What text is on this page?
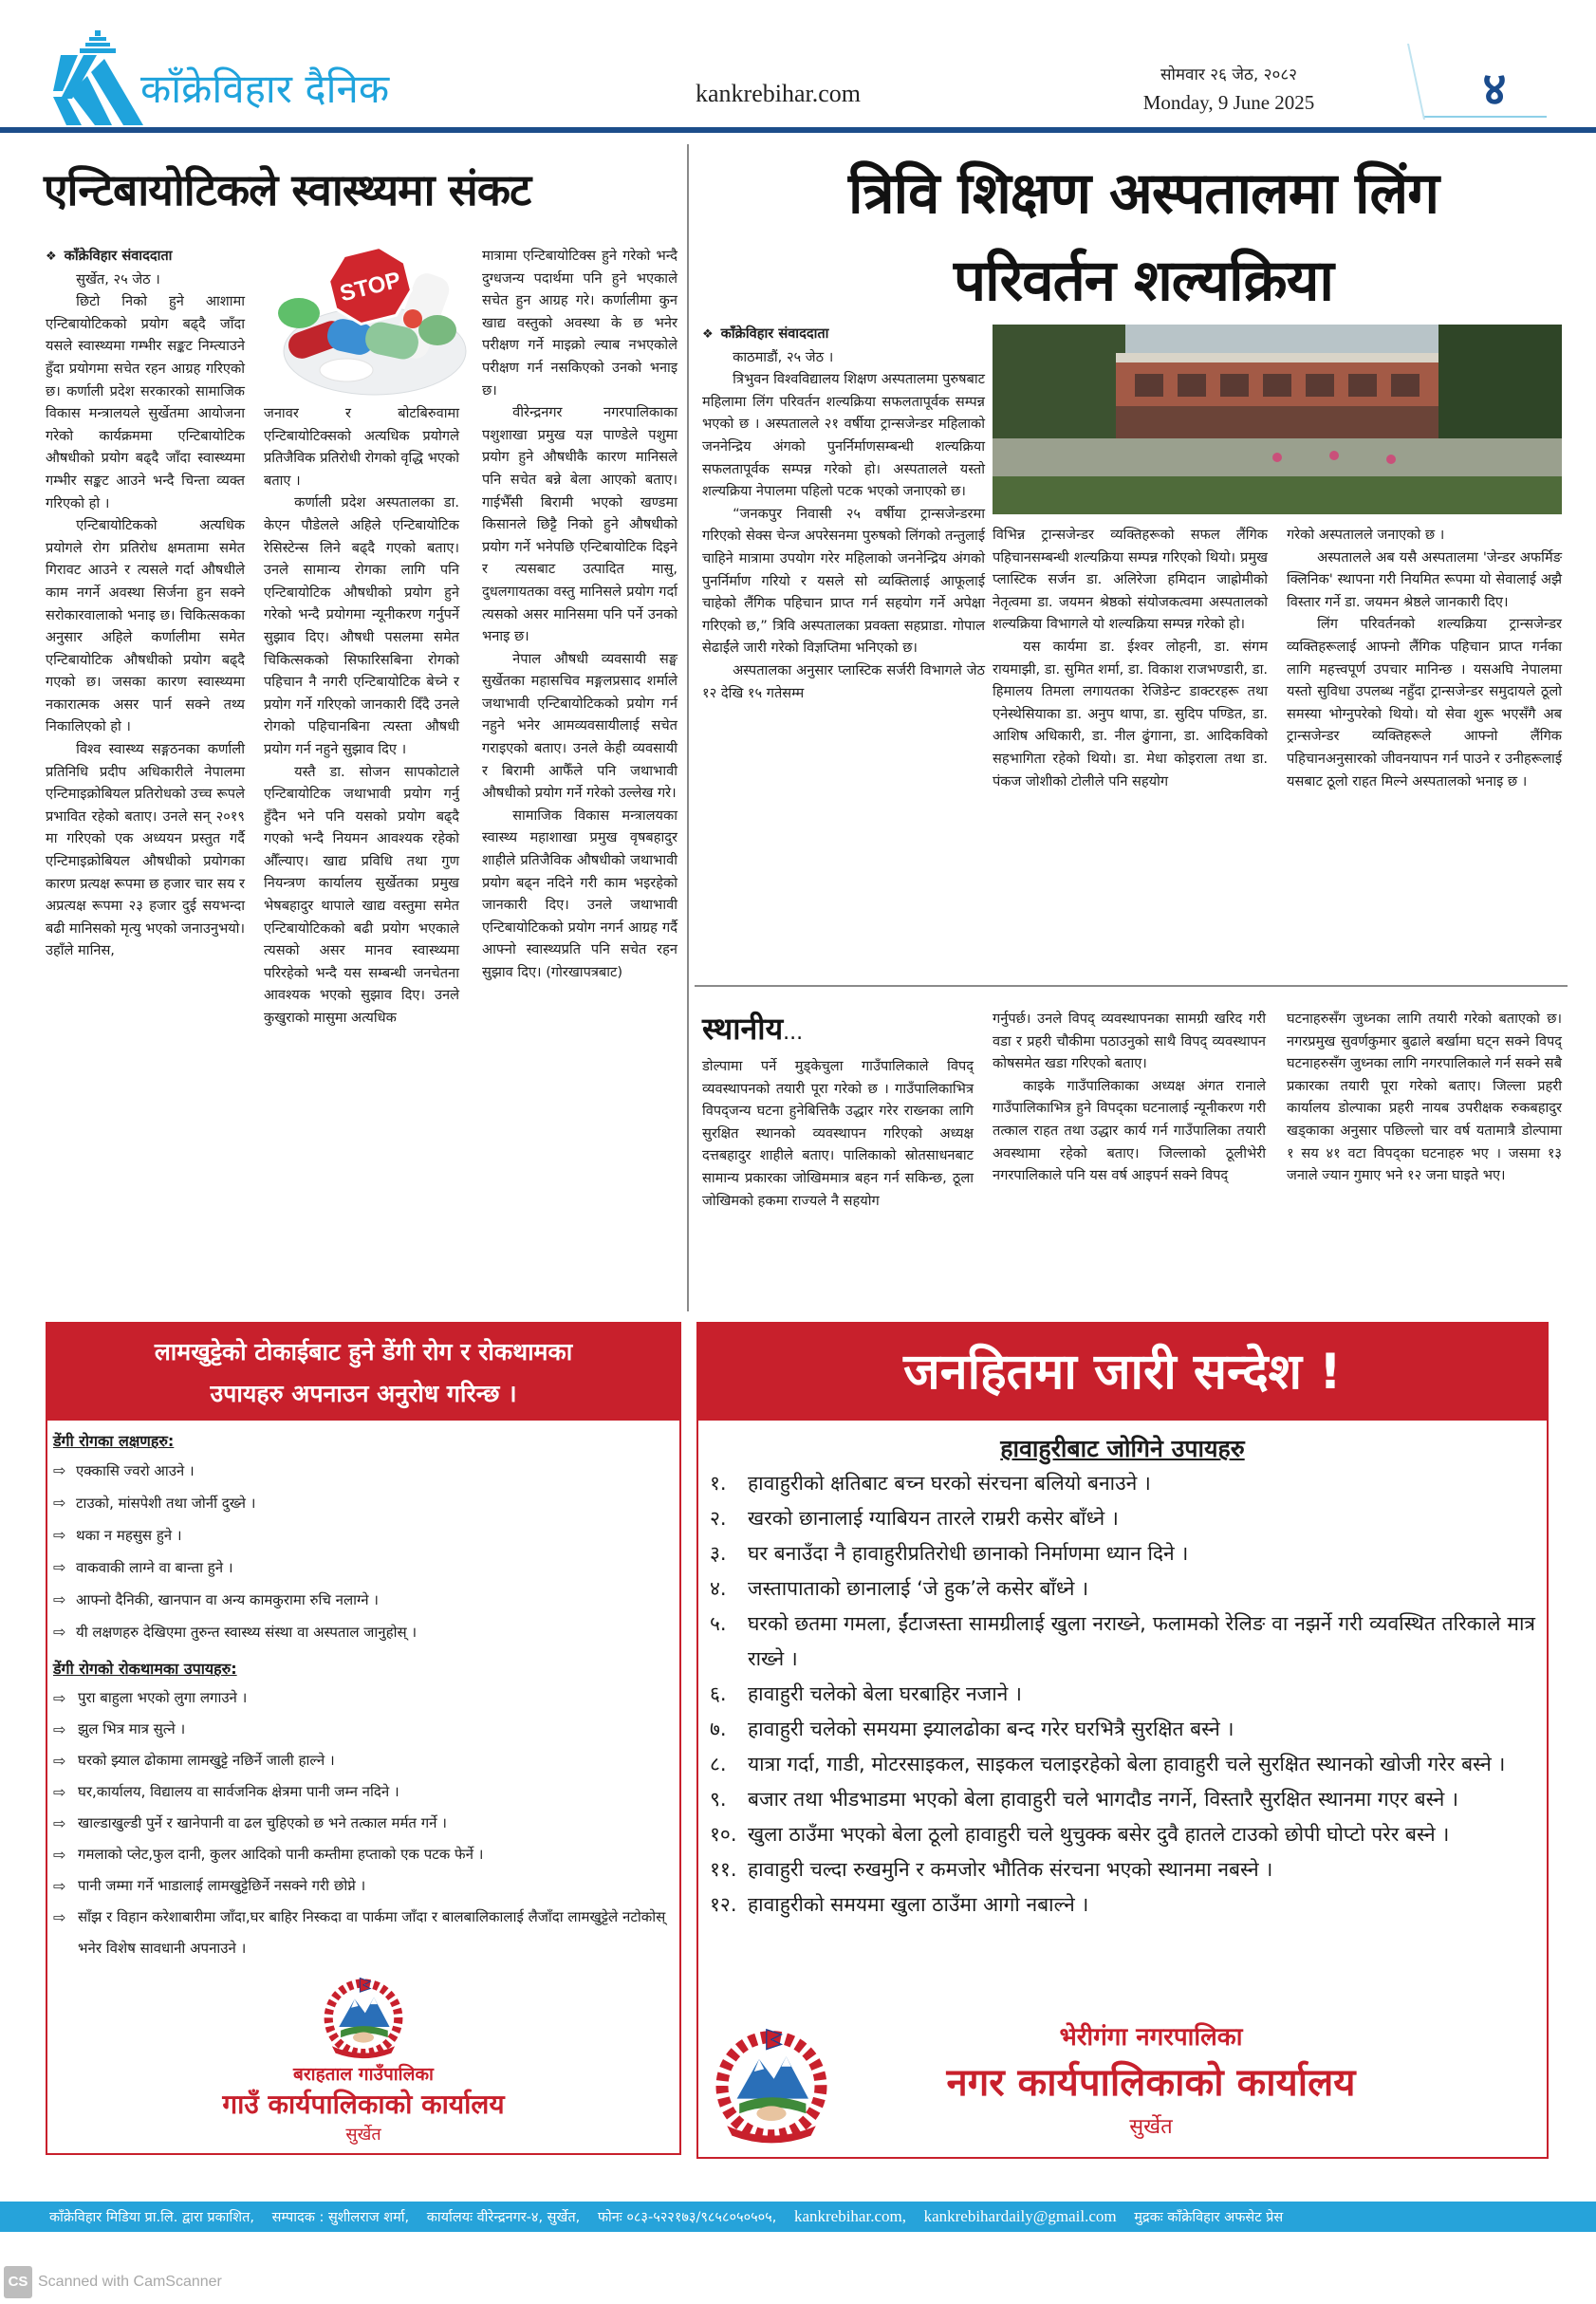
काँक्रेविहार दैनिक	kankrebihar.com
सोमवार २६ जेठ, २०८२
Monday, 9 June 2025	४
एन्टिबायोटिकले स्वास्थ्यमा संकट

❖ काँक्रेविहार संवाददाता

सुर्खेत, २५ जेठ ।

छिटो निको हुने आशामा एन्टिबायोटिकको प्रयोग बढ्दै जाँदा यसले स्वास्थ्यमा गम्भीर सङ्कट निम्त्याउने हुँदा प्रयोगमा सचेत रहन आग्रह गरिएको छ। कर्णाली प्रदेश सरकारको सामाजिक विकास मन्त्रालयले सुर्खेतमा आयोजना गरेको कार्यक्रममा एन्टिबायोटिक औषधीको प्रयोग बढ्दै जाँदा स्वास्थ्यमा गम्भीर सङ्कट आउने भन्दै चिन्ता व्यक्त गरिएको हो ।

एन्टिबायोटिकको अत्यधिक प्रयोगले रोग प्रतिरोध क्षमतामा समेत गिरावट आउने र त्यसले गर्दा औषधीले काम नगर्ने अवस्था सिर्जना हुन सक्ने सरोकारवालाको भनाइ छ। चिकित्सकका अनुसार अहिले कर्णालीमा समेत एन्टिबायोटिक औषधीको प्रयोग बढ्दै गएको छ। जसका कारण स्वास्थ्यमा नकारात्मक असर पार्न सक्ने तथ्य निकालिएको हो ।

विश्व स्वास्थ्य सङ्गठनका कर्णाली प्रतिनिधि प्रदीप अधिकारीले नेपालमा एन्टिमाइक्रोबियल प्रतिरोधको उच्च रूपले प्रभावित रहेको बताए। उनले सन् २०१९ मा गरिएको एक अध्ययन प्रस्तुत गर्दै एन्टिमाइक्रोबियल औषधीको प्रयोगका कारण प्रत्यक्ष रूपमा छ हजार चार सय र अप्रत्यक्ष रूपमा २३ हजार दुई सयभन्दा बढी मानिसको मृत्यु भएको जनाउनुभयो। उहाँले मानिस,

STOP

जनावर र बोटबिरुवामा एन्टिबायोटिक्सको अत्यधिक प्रयोगले प्रतिजैविक प्रतिरोधी रोगको वृद्धि भएको बताए ।

कर्णाली प्रदेश अस्पतालका डा. केएन पौडेलले अहिले एन्टिबायोटिक रेसिस्टेन्स लिने बढ्दै गएको बताए। उनले सामान्य रोगका लागि पनि एन्टिबायोटिक औषधीको प्रयोग हुने गरेको भन्दै प्रयोगमा न्यूनीकरण गर्नुपर्ने सुझाव दिए। औषधी पसलमा समेत चिकित्सकको सिफारिसबिना रोगको पहिचान नै नगरी एन्टिबायोटिक बेच्ने र प्रयोग गर्ने गरिएको जानकारी दिँदै उनले रोगको पहिचानबिना त्यस्ता औषधी प्रयोग गर्न नहुने सुझाव दिए ।

यस्तै डा. सोजन सापकोटाले एन्टिबायोटिक जथाभावी प्रयोग गर्नु हुँदैन भने पनि यसको प्रयोग बढ्दै गएको भन्दै नियमन आवश्यक रहेको औँल्याए। खाद्य प्रविधि तथा गुण नियन्त्रण कार्यालय सुर्खेतका प्रमुख भेषबहादुर थापाले खाद्य वस्तुमा समेत एन्टिबायोटिकको बढी प्रयोग भएकाले त्यसको असर मानव स्वास्थ्यमा परिरहेको भन्दै यस सम्बन्धी जनचेतना आवश्यक भएको सुझाव दिए। उनले कुखुराको मासुमा अत्यधिक

मात्रामा एन्टिबायोटिक्स हुने गरेको भन्दै दुग्धजन्य पदार्थमा पनि हुने भएकाले सचेत हुन आग्रह गरे। कर्णालीमा कुन खाद्य वस्तुको अवस्था के छ भनेर परीक्षण गर्ने माइक्रो ल्याब नभएकोले परीक्षण गर्न नसकिएको उनको भनाइ छ।

वीरेन्द्रनगर नगरपालिकाका पशुशाखा प्रमुख यज्ञ पाण्डेले पशुमा प्रयोग हुने औषधीकै कारण मानिसले पनि सचेत बन्ने बेला आएको बताए। गाईभैँसी बिरामी भएको खण्डमा किसानले छिट्टै निको हुने औषधीको प्रयोग गर्ने भनेपछि एन्टिबायोटिक दिइने र त्यसबाट उत्पादित मासु, दुधलगायतका वस्तु मानिसले प्रयोग गर्दा त्यसको असर मानिसमा पनि पर्ने उनको भनाइ छ।

नेपाल औषधी व्यवसायी सङ्घ सुर्खेतका महासचिव मङ्गलप्रसाद शर्माले जथाभावी एन्टिबायोटिकको प्रयोग गर्न नहुने भनेर आमव्यवसायीलाई सचेत गराइएको बताए। उनले केही व्यवसायी र बिरामी आफैँले पनि जथाभावी औषधीको प्रयोग गर्ने गरेको उल्लेख गरे।

सामाजिक विकास मन्त्रालयका स्वास्थ्य महाशाखा प्रमुख वृषबहादुर शाहीले प्रतिजैविक औषधीको जथाभावी प्रयोग बढ्न नदिने गरी काम भइरहेको जानकारी दिए। उनले जथाभावी एन्टिबायोटिकको प्रयोग नगर्न आग्रह गर्दै आफ्नो स्वास्थ्यप्रति पनि सचेत रहन सुझाव दिए। (गोरखापत्रबाट)

त्रिवि शिक्षण अस्पतालमा लिंग
परिवर्तन शल्यक्रिया

❖ काँक्रेविहार संवाददाता

काठमाडौं, २५ जेठ ।

त्रिभुवन विश्वविद्यालय शिक्षण अस्पतालमा पुरुषबाट महिलामा लिंग परिवर्तन शल्यक्रिया सफलतापूर्वक सम्पन्न भएको छ । अस्पतालले २१ वर्षीया ट्रान्सजेन्डर महिलाको जननेन्द्रिय अंगको पुनर्निर्माणसम्बन्धी शल्यक्रिया सफलतापूर्वक सम्पन्न गरेको हो। अस्पतालले यस्तो शल्यक्रिया नेपालमा पहिलो पटक भएको जनाएको छ।

“जनकपुर निवासी २५ वर्षीया ट्रान्सजेन्डरमा गरिएको सेक्स चेन्ज अपरेसनमा पुरुषको लिंगको तन्तुलाई चाहिने मात्रामा उपयोग गरेर महिलाको जननेन्द्रिय अंगको पुनर्निर्माण गरियो र यसले सो व्यक्तिलाई आफूलाई चाहेको लैंगिक पहिचान प्राप्त गर्न सहयोग गर्ने अपेक्षा गरिएको छ,” त्रिवि अस्पतालका प्रवक्ता सहप्राडा. गोपाल सेढाईंले जारी गरेको विज्ञप्तिमा भनिएको छ।

अस्पतालका अनुसार प्लास्टिक सर्जरी विभागले जेठ १२ देखि १५ गतेसम्म

विभिन्न ट्रान्सजेन्डर व्यक्तिहरूको सफल लैंगिक पहिचानसम्बन्धी शल्यक्रिया सम्पन्न गरिएको थियो। प्रमुख प्लास्टिक सर्जन डा. अलिरेजा हमिदान जाह्रोमीको नेतृत्वमा डा. जयमन श्रेष्ठको संयोजकत्वमा अस्पतालको शल्यक्रिया विभागले यो शल्यक्रिया सम्पन्न गरेको हो।

यस कार्यमा डा. ईश्वर लोहनी, डा. संगम रायमाझी, डा. सुमित शर्मा, डा. विकाश राजभण्डारी, डा. हिमालय तिमला लगायतका रेजिडेन्ट डाक्टरहरू तथा एनेस्थेसियाका डा. अनुप थापा, डा. सुदिप पण्डित, डा. आशिष अधिकारी, डा. नील ढुंगाना, डा. आदिकविको सहभागिता रहेको थियो। डा. मेधा कोइराला तथा डा. पंकज जोशीको टोलीले पनि सहयोग

गरेको अस्पतालले जनाएको छ ।

अस्पतालले अब यसै अस्पतालमा 'जेन्डर अफर्मिङ क्लिनिक' स्थापना गरी नियमित रूपमा यो सेवालाई अझै विस्तार गर्ने डा. जयमन श्रेष्ठले जानकारी दिए।

लिंग परिवर्तनको शल्यक्रिया ट्रान्सजेन्डर व्यक्तिहरूलाई आफ्नो लैंगिक पहिचान प्राप्त गर्नका लागि महत्त्वपूर्ण उपचार मानिन्छ । यसअघि नेपालमा यस्तो सुविधा उपलब्ध नहुँदा ट्रान्सजेन्डर समुदायले ठूलो समस्या भोग्नुपरेको थियो। यो सेवा शुरू भएसँगै अब ट्रान्सजेन्डर व्यक्तिहरूले आफ्नो लैंगिक पहिचानअनुसारको जीवनयापन गर्न पाउने र उनीहरूलाई यसबाट ठूलो राहत मिल्ने अस्पतालको भनाइ छ ।

स्थानीय...

डोल्पामा पर्ने मुड्केचुला गाउँपालिकाले विपद् व्यवस्थापनको तयारी पूरा गरेको छ । गाउँपालिकाभित्र विपद्जन्य घटना हुनेबित्तिकै उद्धार गरेर राख्नका लागि सुरक्षित स्थानको व्यवस्थापन गरिएको अध्यक्ष दत्तबहादुर शाहीले बताए। पालिकाको स्रोतसाधनबाट सामान्य प्रकारका जोखिममात्र बहन गर्न सकिन्छ, ठूला जोखिमको हकमा राज्यले नै सहयोग

गर्नुपर्छ। उनले विपद् व्यवस्थापनका सामग्री खरिद गरी वडा र प्रहरी चौकीमा पठाउनुको साथै विपद् व्यवस्थापन कोषसमेत खडा गरिएको बताए।

काइके गाउँपालिकाका अध्यक्ष अंगत रानाले गाउँपालिकाभित्र हुने विपद्का घटनालाई न्यूनीकरण गरी तत्काल राहत तथा उद्धार कार्य गर्न गाउँपालिका तयारी अवस्थामा रहेको बताए। जिल्लाको ठूलीभेरी नगरपालिकाले पनि यस वर्ष आइपर्न सक्ने विपद्

घटनाहरुसँग जुध्नका लागि तयारी गरेको बताएको छ। नगरप्रमुख सुवर्णकुमार बुढाले बर्खामा घट्न सक्ने विपद् घटनाहरुसँग जुध्नका लागि नगरपालिकाले गर्न सक्ने सबै प्रकारका तयारी पूरा गरेको बताए। जिल्ला प्रहरी कार्यालय डोल्पाका प्रहरी नायब उपरीक्षक रुकबहादुर खड्काका अनुसार पछिल्लो चार वर्ष यतामात्रै डोल्पामा १ सय ४१ वटा विपद्का घटनाहरु भए । जसमा १३ जनाले ज्यान गुमाए भने १२ जना घाइते भए।

लामखुट्टेको टोकाईबाट हुने डेंगी रोग र रोकथामका
उपायहरु अपनाउन अनुरोध गरिन्छ ।
डेंगी रोगका लक्षणहरु:
⇨ एक्कासि ज्वरो आउने ।
⇨ टाउको, मांसपेशी तथा जोर्नी दुख्ने ।
⇨ थका न महसुस हुने ।
⇨ वाकवाकी लाग्ने वा बान्ता हुने ।
⇨ आफ्नो दैनिकी, खानपान वा अन्य कामकुरामा रुचि नलाग्ने ।
⇨ यी लक्षणहरु देखिएमा तुरुन्त स्वास्थ्य संस्था वा अस्पताल जानुहोस् ।
डेंगी रोगको रोकथामका उपायहरु:
⇨ पुरा बाहुला भएको लुगा लगाउने ।
⇨ झुल भित्र मात्र सुत्ने ।
⇨ घरको झ्याल ढोकामा लामखुट्टे नछिर्ने जाली हाल्ने ।
⇨ घर,कार्यालय, विद्यालय वा सार्वजनिक क्षेत्रमा पानी जम्न नदिने ।
⇨ खाल्डाखुल्डी पुर्ने र खानेपानी वा ढल चुहिएको छ भने तत्काल मर्मत गर्ने ।
⇨ गमलाको प्लेट,फुल दानी, कुलर आदिको पानी कम्तीमा हप्ताको एक पटक फेर्ने ।
⇨ पानी जम्मा गर्ने भाडालाई लामखुट्टेछिर्ने नसक्ने गरी छोप्ने ।
⇨ साँझ र विहान करेशाबारीमा जाँदा,घर बाहिर निस्कदा वा पार्कमा जाँदा र बालबालिकालाई लैजाँदा लामखुट्टेले नटोकोस् भनेर विशेष सावधानी अपनाउने ।
बराहताल गाउँपालिका
गाउँ कार्यपालिकाको कार्यालय
सुर्खेत
जनहितमा जारी सन्देश !
हावाहुरीबाट जोगिने उपायहरु
१.	हावाहुरीको क्षतिबाट बच्न घरको संरचना बलियो बनाउने ।
२.	खरको छानालाई ग्याबियन तारले राम्ररी कसेर बाँध्ने ।
३.	घर बनाउँदा नै हावाहुरीप्रतिरोधी छानाको निर्माणमा ध्यान दिने ।
४.	जस्तापाताको छानालाई ‘जे हुक’ले कसेर बाँध्ने ।
५.	घरको छतमा गमला, ईंटाजस्ता सामग्रीलाई खुला नराख्ने, फलामको रेलिङ वा नझर्ने गरी व्यवस्थित तरिकाले मात्र राख्ने ।
६.	हावाहुरी चलेको बेला घरबाहिर नजाने ।
७.	हावाहुरी चलेको समयमा झ्यालढोका बन्द गरेर घरभित्रै सुरक्षित बस्ने ।
८.	यात्रा गर्दा, गाडी, मोटरसाइकल, साइकल चलाइरहेको बेला हावाहुरी चले सुरक्षित स्थानको खोजी गरेर बस्ने ।
९.	बजार तथा भीडभाडमा भएको बेला हावाहुरी चले भागदौड नगर्ने, विस्तारै सुरक्षित स्थानमा गएर बस्ने ।
१०. खुला ठाउँमा भएको बेला ठूलो हावाहुरी चले थुचुक्क बसेर दुवै हातले टाउको छोपी घोप्टो परेर बस्ने ।
११. हावाहुरी चल्दा रुखमुनि र कमजोर भौतिक संरचना भएको स्थानमा नबस्ने ।
१२. हावाहुरीको समयमा खुला ठाउँमा आगो नबाल्ने ।
भेरीगंगा नगरपालिका
नगर कार्यपालिकाको कार्यालय
सुर्खेत
काँक्रेविहार मिडिया प्रा.लि. द्वारा प्रकाशित, सम्पादक : सुशीलराज शर्मा, कार्यालयः वीरेन्द्रनगर-४, सुर्खेत, फोनः ०८३-५२२१७३/९८५८०५०५०५, kankrebihar.com, kankrebihardaily@gmail.com मुद्रकः काँक्रेविहार अफसेट प्रेस
CS Scanned with CamScanner
